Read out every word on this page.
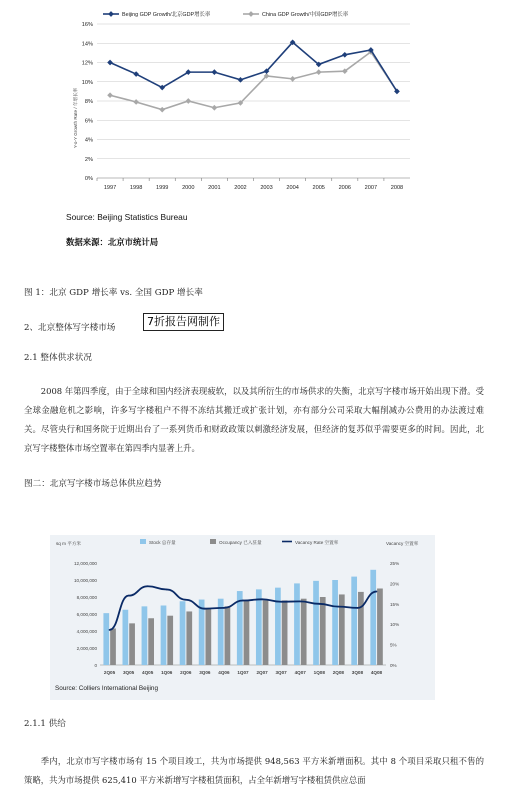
0%
2%
4%
6%
8%
10%
12%
14%
16%
1997 1998 1999 2000 2001 2002 2003 2004 2005 2006 2007 2008
Beijing GDP Growth/北京GDP增长率	China GDP Growth/中国GDP增长率
Y-o-Y Growth Rate / 年增长率
Source: Beijing Statistics Bureau
数据来源：北京市统计局
图 1：北京 GDP 增长率 vs. 全国 GDP 增长率
2、北京整体写字楼市场	7折报告网制作
2.1 整体供求状况
2008 年第四季度，由于全球和国内经济表现疲软，以及其所衍生的市场供求的失衡，北京写字楼市场开始出现下滑。受全球金融危机之影响，许多写字楼租户不得不冻结其搬迁或扩张计划，亦有部分公司采取大幅削减办公费用的办法渡过难关。尽管央行和国务院于近期出台了一系列货币和财政政策以刺激经济发展，但经济的复苏似乎需要更多的时间。因此，北京写字楼整体市场空置率在第四季内显著上升。
图二：北京写字楼市场总体供应趋势
0
2,000,000
4,000,000
6,000,000
8,000,000
10,000,000
12,000,000
0%
5%
10%
15%
20%
25%
2Q05 3Q05 4Q05 1Q06 2Q06 3Q06 4Q06 1Q07 2Q07 3Q07 4Q07 1Q08 2Q08 3Q08 4Q08
Stock 总存量	Occupancy 已入驻量	Vacancy Rate 空置率
sq m 平方米	Vacancy 空置率
Source: Colliers International Beijing
2.1.1 供给
季内，北京市写字楼市场有 15 个项目竣工，共为市场提供 948,563 平方米新增面积。其中 8 个项目采取只租不售的策略，共为市场提供 625,410 平方米新增写字楼租赁面积，占全年新增写字楼租赁供应总面
